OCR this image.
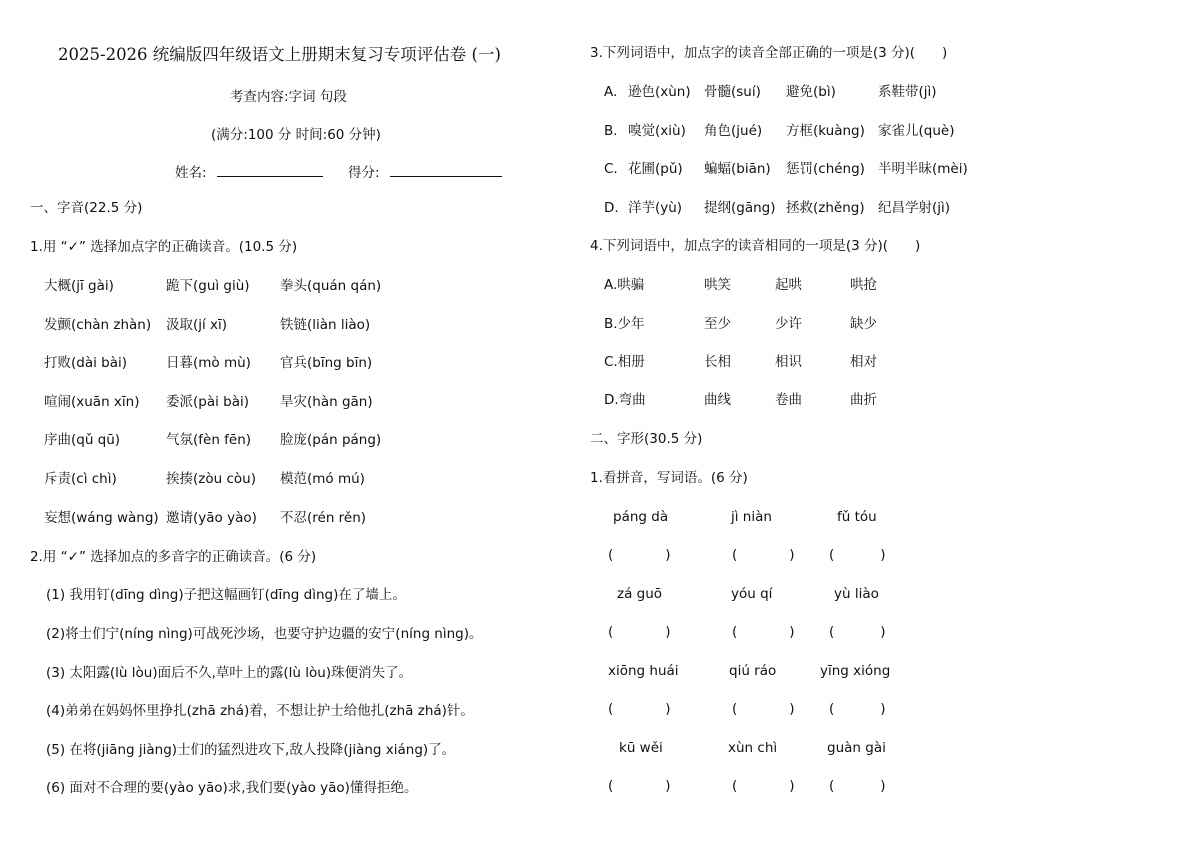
2025-2026 统编版四年级语文上册期末复习专项评估卷 (一)
考查内容:字词 句段
(满分:100 分 时间:60 分钟)
姓名:	得分:
一、字音(22.5 分)
1.用 “✓” 选择加点字的正确读音。(10.5 分)
大概(jī gài)	跪下(guì giù) 拳头(quán qán)
发颤(chàn zhàn) 汲取(jí xī)	铁链(liàn liào)
打败(dài bài)	日暮(mò mù) 官兵(bīng bīn)
喧闹(xuān xīn) 委派(pài bài) 旱灾(hàn gān)
序曲(qǔ qū)	气氛(fèn fēn) 脸庞(pán páng)
斥责(cì chì)	挨揍(zòu còu) 模范(mó mú)
妄想(wáng wàng) 邀请(yāo yào) 不忍(rén rěn)
2.用 “✓” 选择加点的多音字的正确读音。(6 分)
(1) 我用钉(dīng dìng)子把这幅画钉(dīng dìng)在了墙上。
(2)将士们宁(níng nìng)可战死沙场，也要守护边疆的安宁(níng nìng)。
(3) 太阳露(lù lòu)面后不久,草叶上的露(lù lòu)珠便消失了。
(4)弟弟在妈妈怀里挣扎(zhā zhá)着，不想让护士给他扎(zhā zhá)针。
(5) 在将(jiāng jiàng)士们的猛烈进攻下,敌人投降(jiàng xiáng)了。
(6) 面对不合理的要(yào yāo)求,我们要(yào yāo)懂得拒绝。
3.下列词语中，加点字的读音全部正确的一项是(3 分)(　　)
A. 逊色(xùn) 骨髓(suí) 避免(bì)	系鞋带(jì)
B. 嗅觉(xiù) 角色(jué) 方框(kuàng) 家雀儿(què)
C. 花圃(pǔ) 蝙蝠(biān) 惩罚(chéng) 半明半昧(mèi)
D. 洋芋(yù) 提纲(gāng) 拯救(zhěng) 纪昌学射(jì)
4.下列词语中，加点字的读音相同的一项是(3 分)(　　)
A.哄骗	哄笑	起哄	哄抢
B.少年	至少	少许	缺少
C.相册	长相	相识	相对
D.弯曲	曲线	卷曲	曲折
二、字形(30.5 分)
1.看拼音，写词语。(6 分)
páng dà	jì niàn	fǔ tóu
zá guō	yóu qí	yù liào
xiōng huái	qiú ráo	yīng xióng
kū wěi	xùn chì	guàn gài
(	)	(	)	(	)
(	)	(	)	(	)
(	)	(	)	(	)
(	)	(	)	(	)
